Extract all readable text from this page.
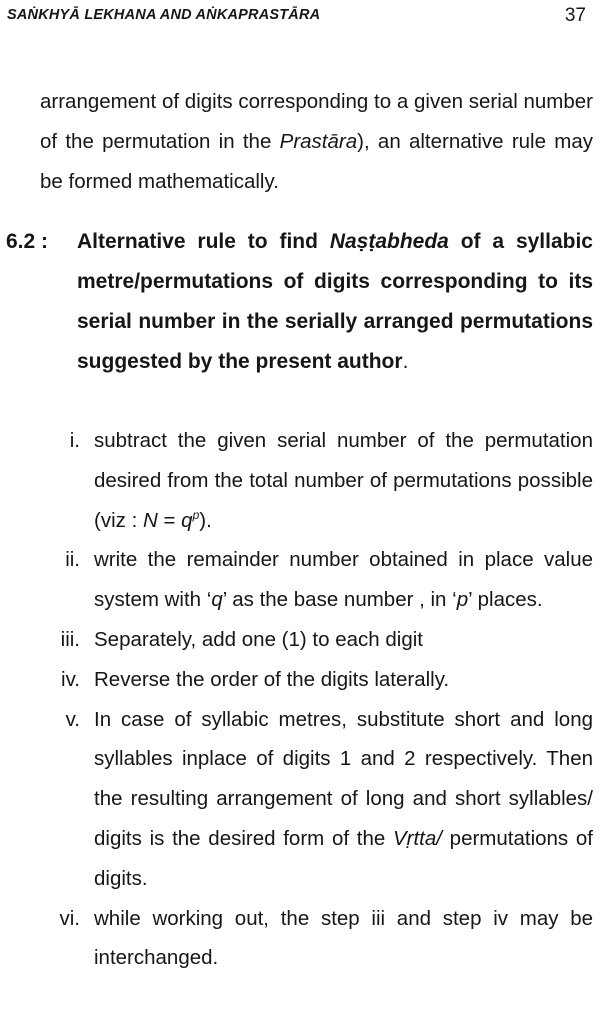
SAṄKHYĀ LEKHANA AND AṄKAPRASTĀRA	37

arrangement of digits corresponding to a given serial number of the permutation in the Prastāra), an alternative rule may be formed mathematically.

6.2 :	Alternative rule to find Naṣṭabheda of a syllabic metre/permutations of digits corresponding to its serial number in the serially arranged permutations suggested by the present author.
i. subtract the given serial number of the permutation desired from the total number of permutations possible (viz : $N = q^p$).
ii. write the remainder number obtained in place value system with ‘q’ as the base number , in ‘p’ places.
iii. Separately, add one (1) to each digit
iv. Reverse the order of the digits laterally.
v. In case of syllabic metres, substitute short and long syllables inplace of digits 1 and 2 respectively. Then the resulting arrangement of long and short syllables/ digits is the desired form of the Vṛtta/ permutations of digits.
vi. while working out, the step iii and step iv may be interchanged.
